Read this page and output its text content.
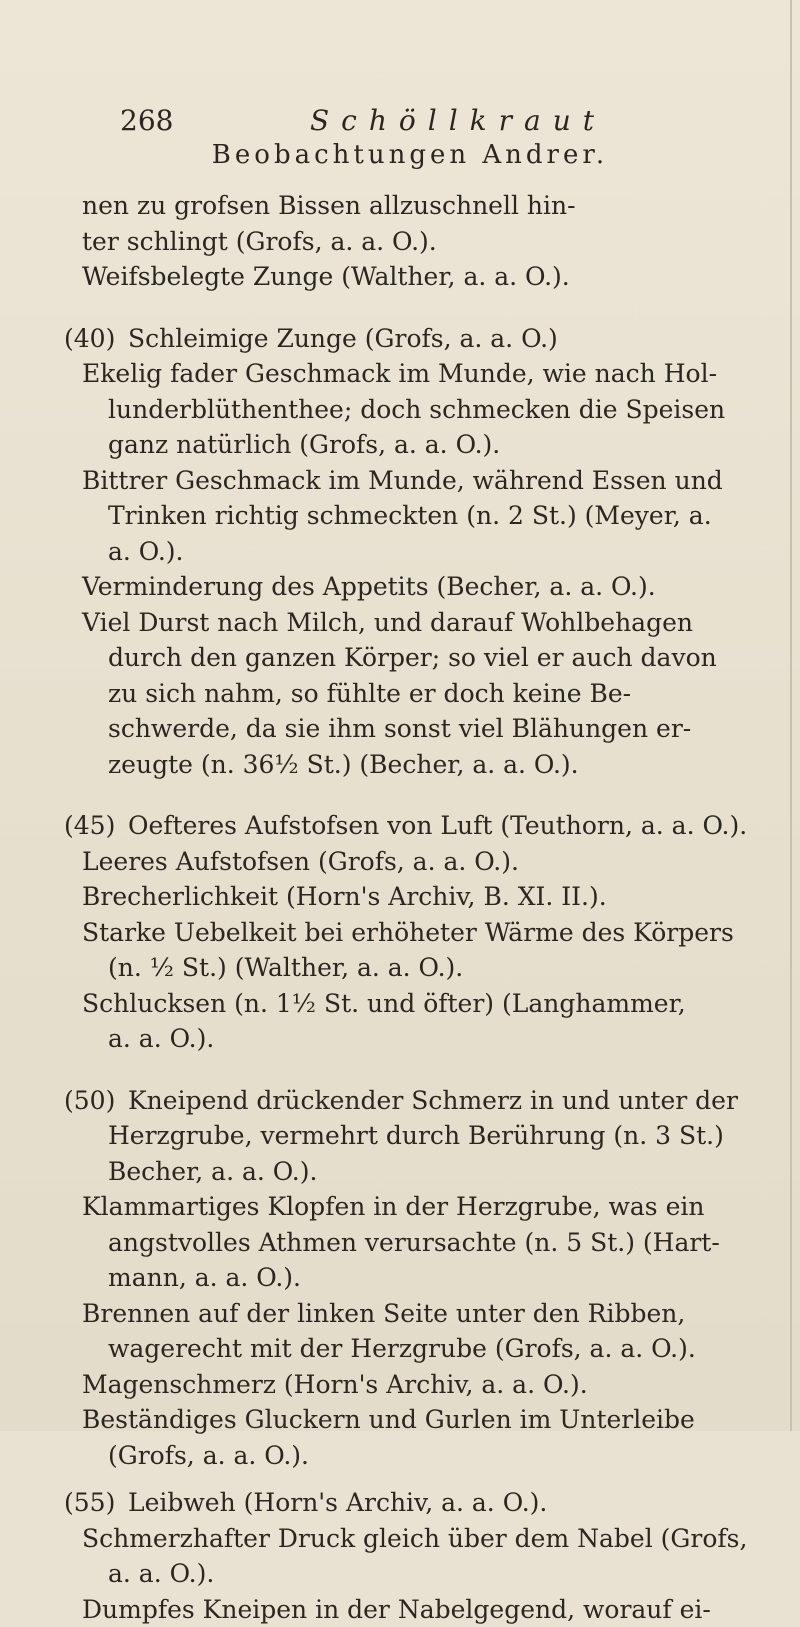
268	Schöllkraut
Beobachtungen Andrer.
nen zu grofsen Bissen allzuschnell hin-
ter schlingt (Grofs, a. a. O.).
Weifsbelegte Zunge (Walther, a. a. O.).
(40) Schleimige Zunge (Grofs, a. a. O.)
Ekelig fader Geschmack im Munde, wie nach Hol-
lunderblüthenthee; doch schmecken die Speisen
ganz natürlich (Grofs, a. a. O.).
Bittrer Geschmack im Munde, während Essen und
Trinken richtig schmeckten (n. 2 St.) (Meyer, a.
a. O.).
Verminderung des Appetits (Becher, a. a. O.).
Viel Durst nach Milch, und darauf Wohlbehagen
durch den ganzen Körper; so viel er auch davon
zu sich nahm, so fühlte er doch keine Be-
schwerde, da sie ihm sonst viel Blähungen er-
zeugte (n. 36½ St.) (Becher, a. a. O.).
(45) Oefteres Aufstofsen von Luft (Teuthorn, a. a. O.).
Leeres Aufstofsen (Grofs, a. a. O.).
Brecherlichkeit (Horn's Archiv, B. XI. II.).
Starke Uebelkeit bei erhöheter Wärme des Körpers
(n. ½ St.) (Walther, a. a. O.).
Schlucksen (n. 1½ St. und öfter) (Langhammer,
a. a. O.).
(50) Kneipend drückender Schmerz in und unter der
Herzgrube, vermehrt durch Berührung (n. 3 St.)
Becher, a. a. O.).
Klammartiges Klopfen in der Herzgrube, was ein
angstvolles Athmen verursachte (n. 5 St.) (Hart-
mann, a. a. O.).
Brennen auf der linken Seite unter den Ribben,
wagerecht mit der Herzgrube (Grofs, a. a. O.).
Magenschmerz (Horn's Archiv, a. a. O.).
Beständiges Gluckern und Gurlen im Unterleibe
(Grofs, a. a. O.).
(55) Leibweh (Horn's Archiv, a. a. O.).
Schmerzhafter Druck gleich über dem Nabel (Grofs,
a. a. O.).
Dumpfes Kneipen in der Nabelgegend, worauf ei-
